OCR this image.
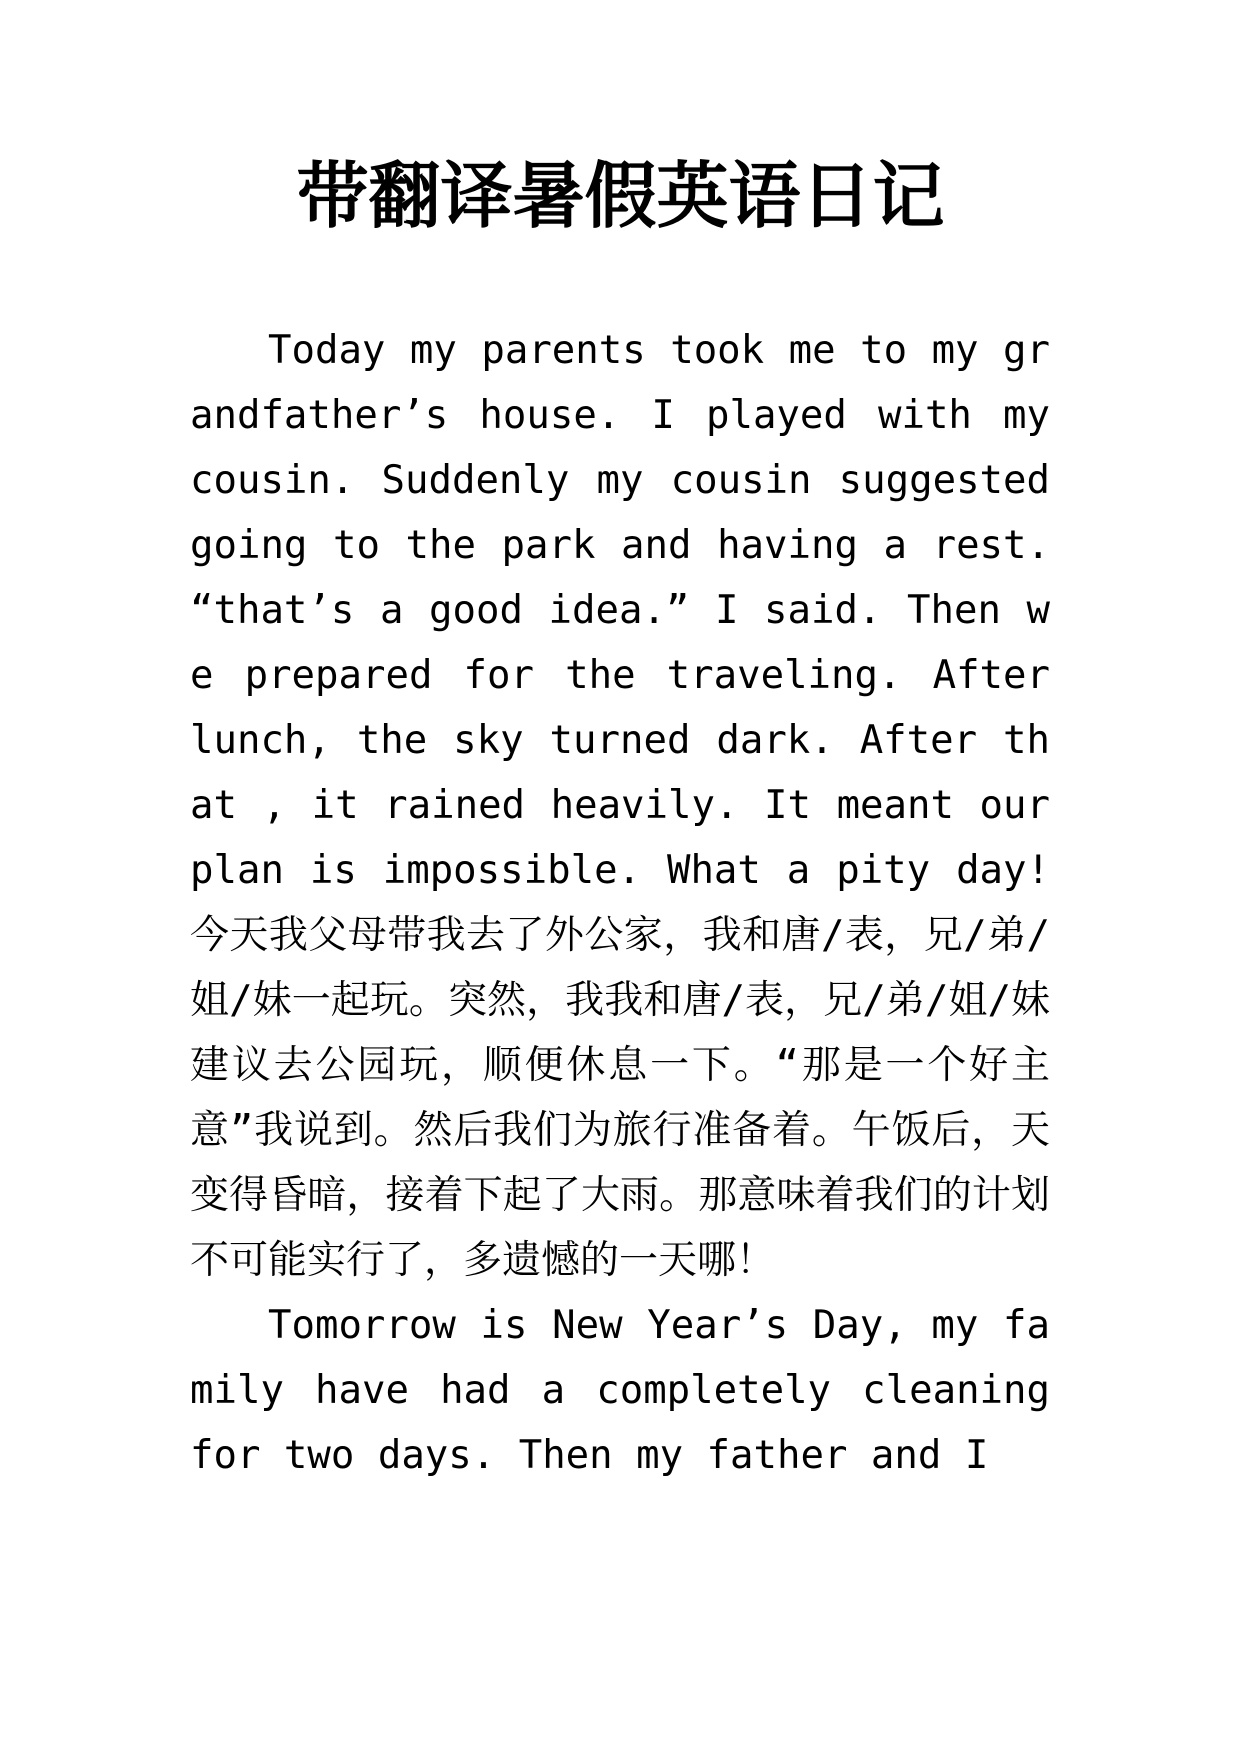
带翻译暑假英语日记

Today my parents took me to my grandfather’s house. I played with my cousin. Suddenly my cousin suggested going to the park and having a rest. “that’s a good idea.” I said. Then we prepared for the traveling. After lunch, the sky turned dark. After that , it rained heavily. It meant our plan is impossible. What a pity day! 今天我父母带我去了外公家，我和唐/表，兄/弟/姐/妹一起玩。突然，我我和唐/表，兄/弟/姐/妹建议去公园玩，顺便休息一下。“那是一个好主意”我说到。然后我们为旅行准备着。午饭后，天变得昏暗，接着下起了大雨。那意味着我们的计划不可能实行了，多遗憾的一天哪！

Tomorrow is New Year’s Day, my family have had a completely cleaning for two days. Then my father and I
